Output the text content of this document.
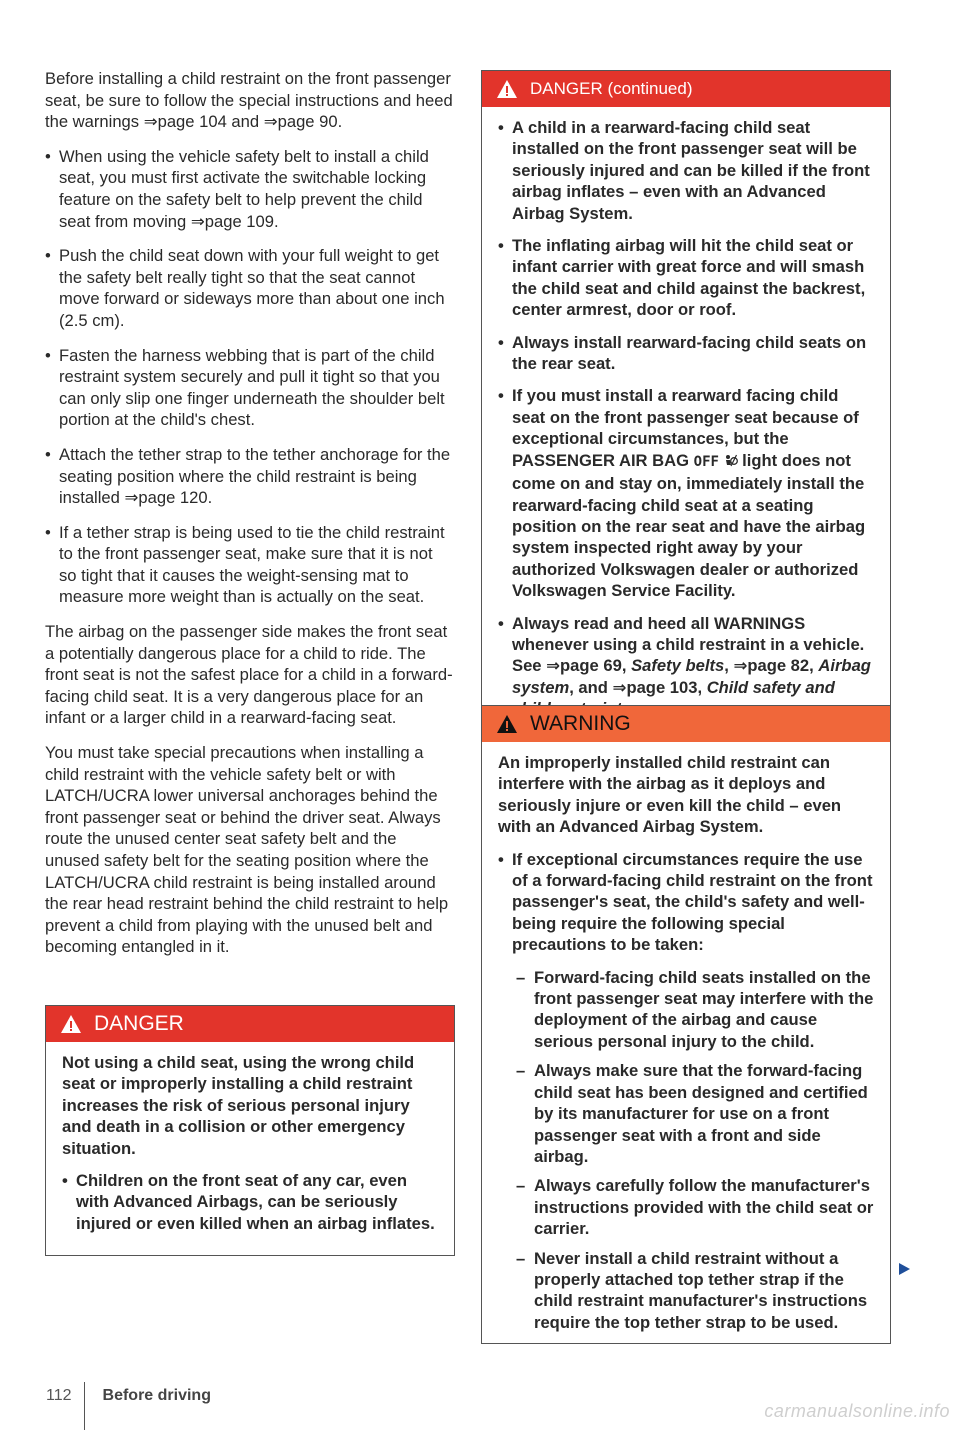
Before installing a child restraint on the front passenger seat, be sure to follow the special instructions and heed the warnings ⇒page 104 and ⇒page 90.

• When using the vehicle safety belt to install a child seat, you must first activate the switchable locking feature on the safety belt to help prevent the child seat from moving ⇒page 109.
• Push the child seat down with your full weight to get the safety belt really tight so that the seat cannot move forward or sideways more than about one inch (2.5 cm).
• Fasten the harness webbing that is part of the child restraint system securely and pull it tight so that you can only slip one finger underneath the shoulder belt portion at the child's chest.
• Attach the tether strap to the tether anchorage for the seating position where the child restraint is being installed ⇒page 120.
• If a tether strap is being used to tie the child restraint to the front passenger seat, make sure that it is not so tight that it causes the weight-sensing mat to measure more weight than is actually on the seat.

The airbag on the passenger side makes the front seat a potentially dangerous place for a child to ride. The front seat is not the safest place for a child in a forward-facing child seat. It is a very dangerous place for an infant or a larger child in a rearward-facing seat.

You must take special precautions when installing a child restraint with the vehicle safety belt or with LATCH/UCRA lower universal anchorages behind the front passenger seat or behind the driver seat. Always route the unused center seat safety belt and the unused safety belt for the seating position where the LATCH/UCRA child restraint is being installed around the rear head restraint behind the child restraint to help prevent a child from playing with the unused belt and becoming entangled in it.

DANGER

Not using a child seat, using the wrong child seat or improperly installing a child restraint increases the risk of serious personal injury and death in a collision or other emergency situation.

• Children on the front seat of any car, even with Advanced Airbags, can be seriously injured or even killed when an airbag inflates.
DANGER (continued)
• A child in a rearward-facing child seat installed on the front passenger seat will be seriously injured and can be killed if the front airbag inflates – even with an Advanced Airbag System.
• The inflating airbag will hit the child seat or infant carrier with great force and will smash the child seat and child against the backrest, center armrest, door or roof.
• Always install rearward-facing child seats on the rear seat.
• If you must install a rearward facing child seat on the front passenger seat because of exceptional circumstances, but the PASSENGER AIR BAG OFF  light does not come on and stay on, immediately install the rearward-facing child seat at a seating position on the rear seat and have the airbag system inspected right away by your authorized Volkswagen dealer or authorized Volkswagen Service Facility.
• Always read and heed all WARNINGS whenever using a child restraint in a vehicle. See ⇒page 69, Safety belts, ⇒page 82, Airbag system, and ⇒page 103, Child safety and
WARNING

An improperly installed child restraint can interfere with the airbag as it deploys and seriously injure or even kill the child – even with an Advanced Airbag System.

• If exceptional circumstances require the use of a forward-facing child restraint on the front passenger's seat, the child's safety and well-being require the following special precautions to be taken:
– Forward-facing child seats installed on the front passenger seat may interfere with the deployment of the airbag and cause serious personal injury to the child.
– Always make sure that the forward-facing child seat has been designed and certified by its manufacturer for use on a front passenger seat with a front and side airbag.
– Always carefully follow the manufacturer's instructions provided with the child seat or carrier.
– Never install a child restraint without a properly attached top tether strap if the child restraint manufacturer's instructions require the top tether strap to be used.
112 Before driving
carmanualsonline.info
